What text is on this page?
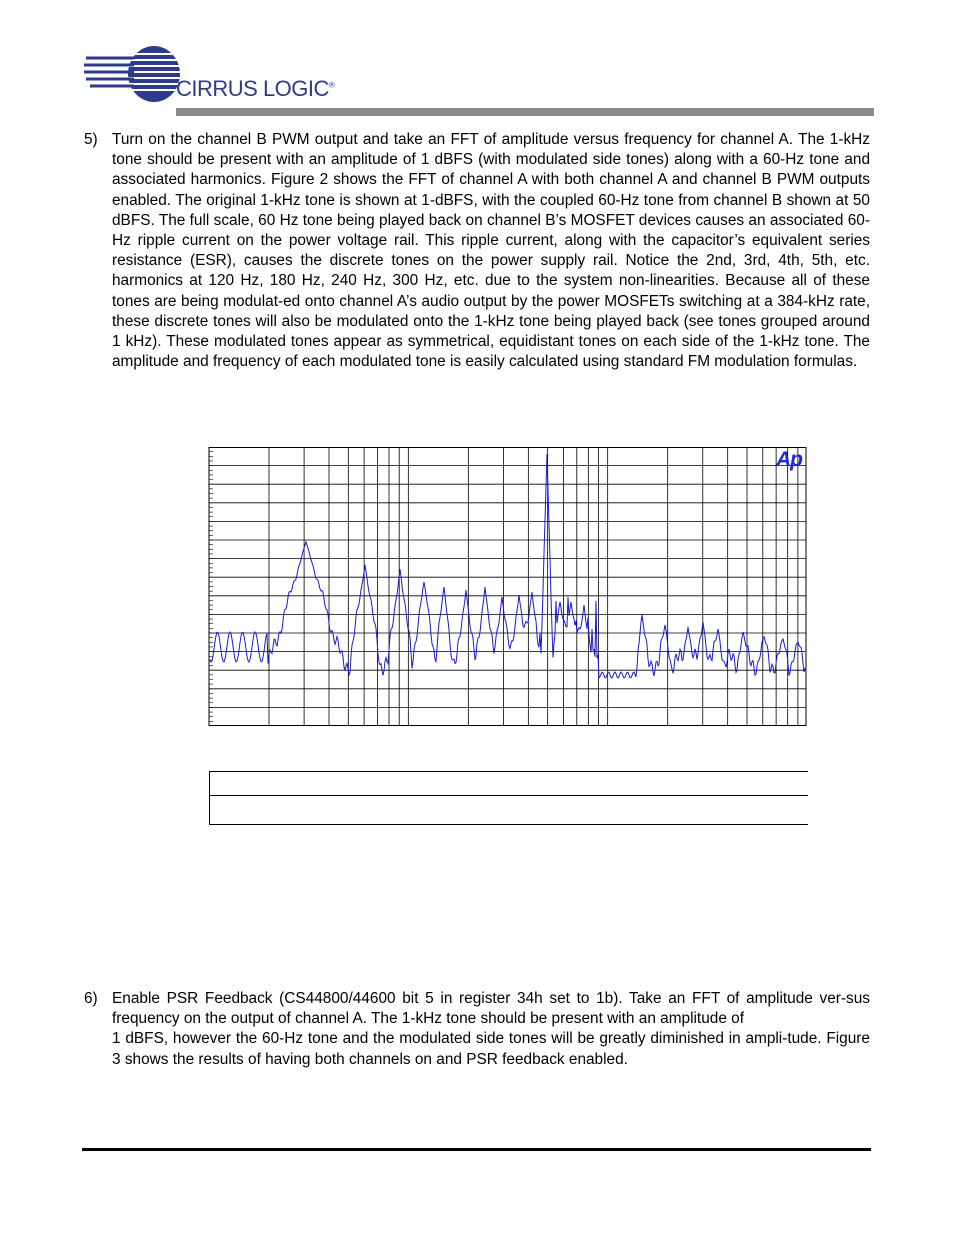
CIRRUS LOGIC®
5) Turn on the channel B PWM output and take an FFT of amplitude versus frequency for channel A. The 1-kHz tone should be present with an amplitude of 1 dBFS (with modulated side tones) along with a 60-Hz tone and associated harmonics. Figure 2 shows the FFT of channel A with both channel A and channel B PWM outputs enabled. The original 1-kHz tone is shown at 1-dBFS, with the coupled 60-Hz tone from channel B shown at 50 dBFS. The full scale, 60 Hz tone being played back on channel B’s MOSFET devices causes an associated 60-Hz ripple current on the power voltage rail. This ripple current, along with the capacitor’s equivalent series resistance (ESR), causes the discrete tones on the power supply rail. Notice the 2nd, 3rd, 4th, 5th, etc. harmonics at 120 Hz, 180 Hz, 240 Hz, 300 Hz, etc. due to the system non-linearities. Because all of these tones are being modulat-ed onto channel A’s audio output by the power MOSFETs switching at a 384-kHz rate, these discrete tones will also be modulated onto the 1-kHz tone being played back (see tones grouped around 1 kHz). These modulated tones appear as symmetrical, equidistant tones on each side of the 1-kHz tone. The amplitude and frequency of each modulated tone is easily calculated using standard FM modulation formulas.
Ap
6) Enable PSR Feedback (CS44800/44600 bit 5 in register 34h set to 1b). Take an FFT of amplitude ver-sus frequency on the output of channel A. The 1-kHz tone should be present with an amplitude of
1 dBFS, however the 60-Hz tone and the modulated side tones will be greatly diminished in ampli-tude. Figure 3 shows the results of having both channels on and PSR feedback enabled.
